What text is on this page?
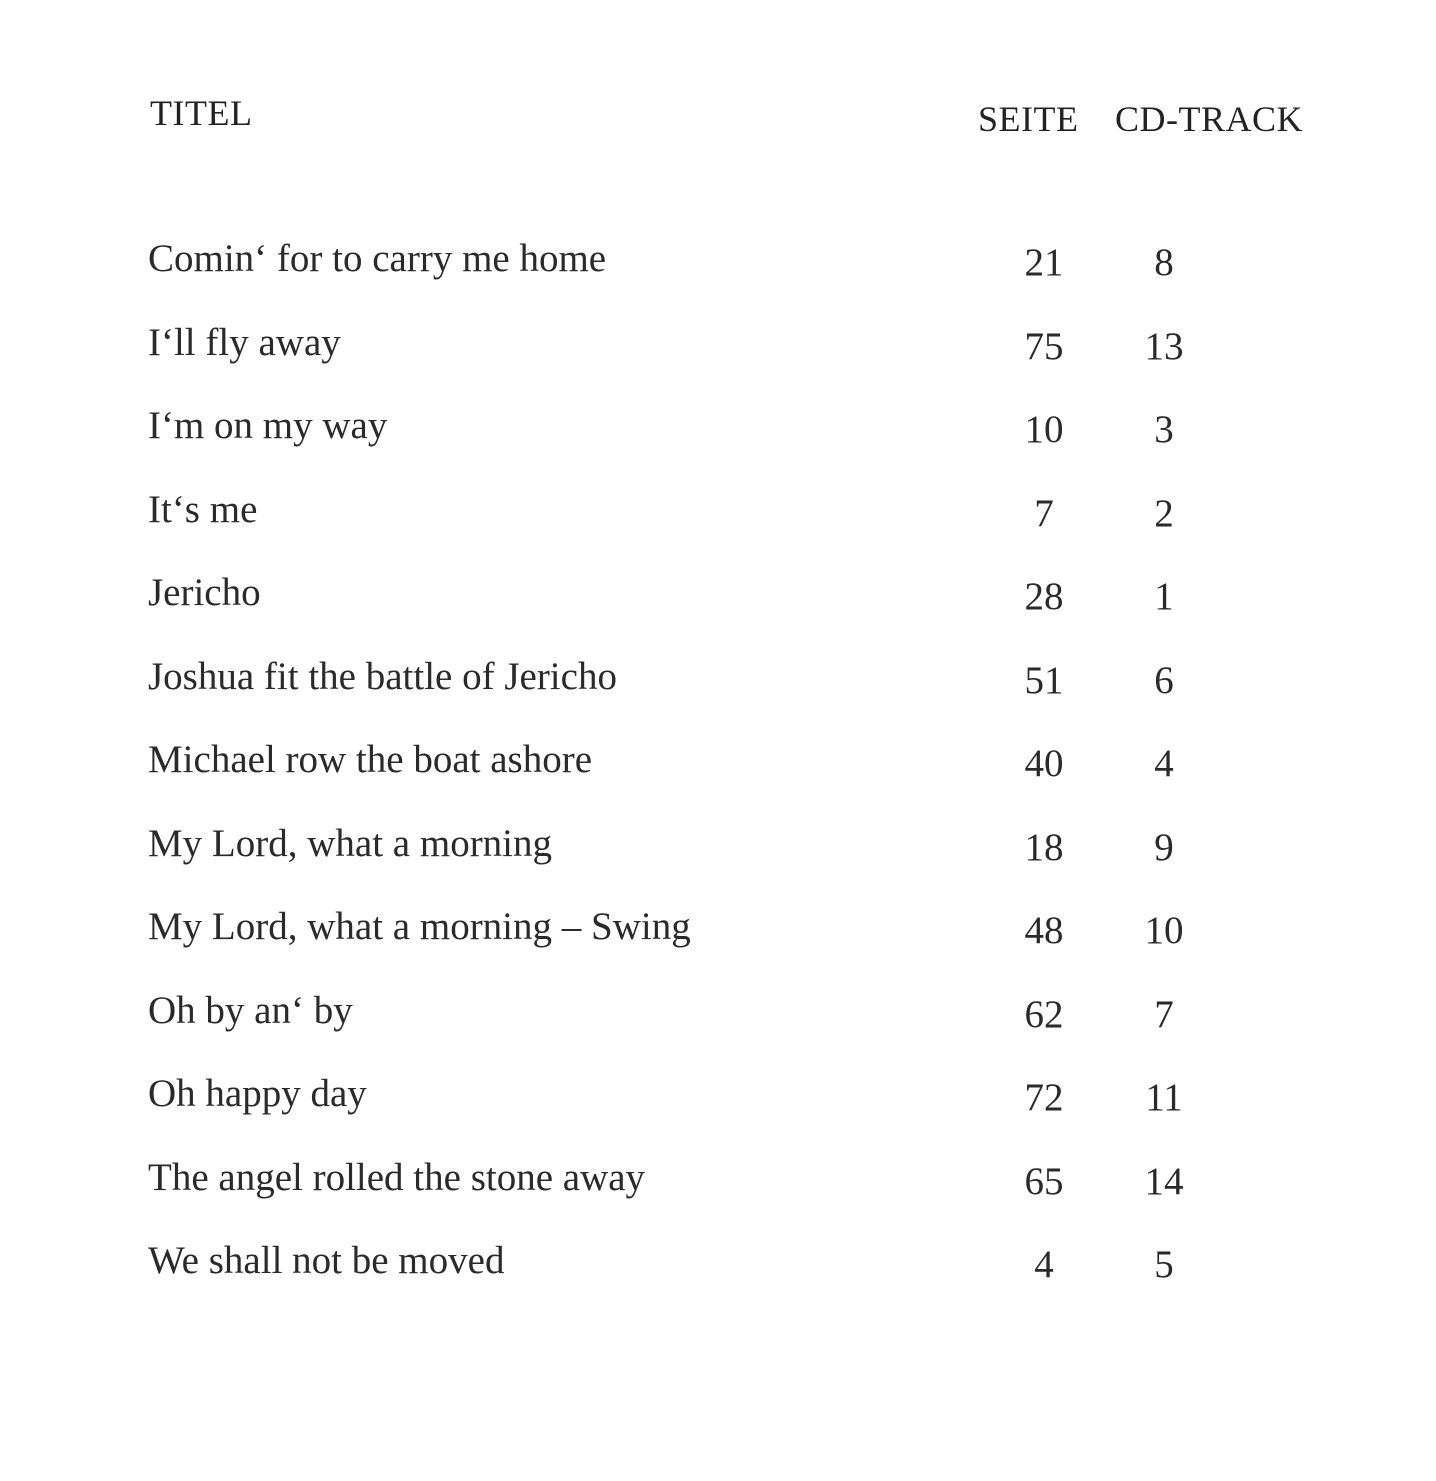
TITEL	SEITE CD-TRACK
Comin‘ for to carry me home	21	8
I‘ll fly away	75	13
I‘m on my way	10	3
It‘s me	7	2
Jericho	28	1
Joshua fit the battle of Jericho	51	6
Michael row the boat ashore	40	4
My Lord, what a morning	18	9
My Lord, what a morning – Swing	48	10
Oh by an‘ by	62	7
Oh happy day	72	11
The angel rolled the stone away	65	14
We shall not be moved	4	5
